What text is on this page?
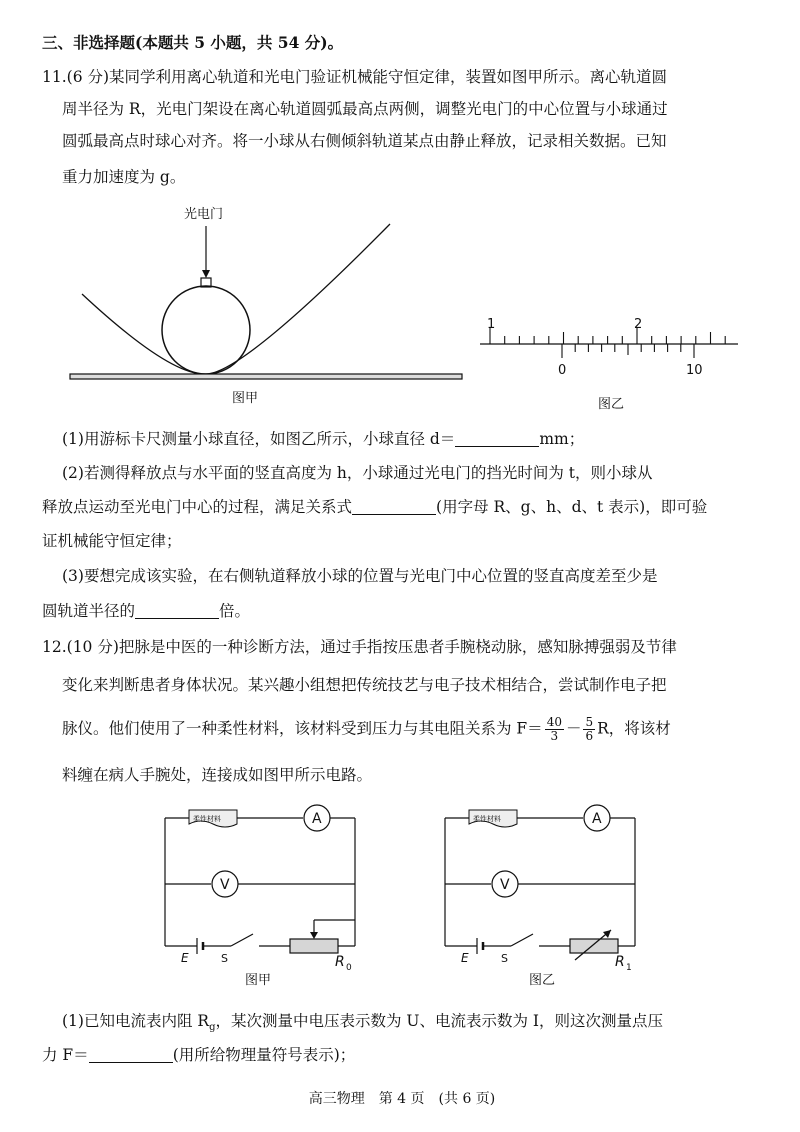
三、非选择题(本题共 5 小题，共 54 分)。
11.(6 分)某同学利用离心轨道和光电门验证机械能守恒定律，装置如图甲所示。离心轨道圆
周半径为 R，光电门架设在离心轨道圆弧最高点两侧，调整光电门的中心位置与小球通过
圆弧最高点时球心对齐。将一小球从右侧倾斜轨道某点由静止释放，记录相关数据。已知
重力加速度为 g。
光电门
图甲
1	2
0	10
图乙
(1)用游标卡尺测量小球直径，如图乙所示，小球直径 d＝	mm；
(2)若测得释放点与水平面的竖直高度为 h，小球通过光电门的挡光时间为 t，则小球从
释放点运动至光电门中心的过程，满足关系式	(用字母 R、g、h、d、t 表示)，即可验
证机械能守恒定律；
(3)要想完成该实验，在右侧轨道释放小球的位置与光电门中心位置的竖直高度差至少是
圆轨道半径的	倍。
12.(10 分)把脉是中医的一种诊断方法，通过手指按压患者手腕桡动脉，感知脉搏强弱及节律
变化来判断患者身体状况。某兴趣小组想把传统技艺与电子技术相结合，尝试制作电子把
脉仪。他们使用了一种柔性材料，该材料受到压力与其电阻关系为 $F= \frac{40}{3} - \frac{5}{6}$ R，将该材
料缠在病人手腕处，连接成如图甲所示电路。
柔性材料	A
V
E	S	R 0
图甲
柔性材料	A
V
E	S	R 1
图乙
(1)已知电流表内阻 $R_g$，某次测量中电压表示数为 U、电流表示数为 I，则这次测量点压
力 F＝	(用所给物理量符号表示)；
高三物理　第 4 页　(共 6 页)
